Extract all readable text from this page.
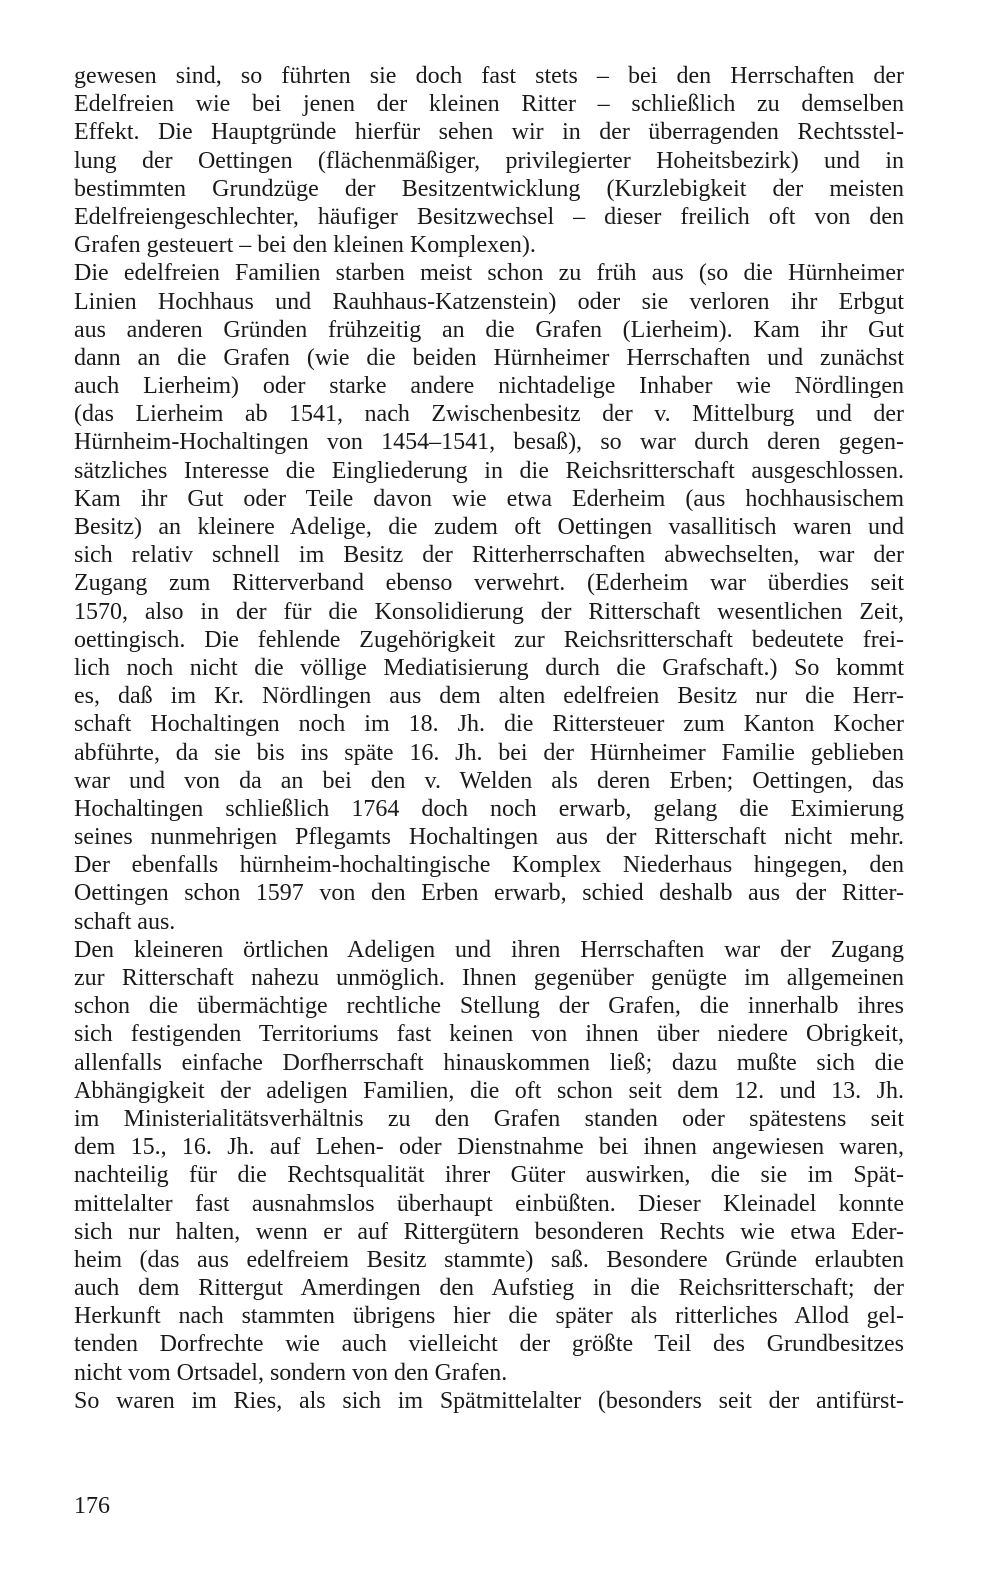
gewesen sind, so führten sie doch fast stets – bei den Herrschaften der

Edelfreien wie bei jenen der kleinen Ritter – schließlich zu demselben

Effekt. Die Hauptgründe hierfür sehen wir in der überragenden Rechtsstel-

lung der Oettingen (flächenmäßiger, privilegierter Hoheitsbezirk) und in

bestimmten Grundzüge der Besitzentwicklung (Kurzlebigkeit der meisten

Edelfreiengeschlechter, häufiger Besitzwechsel – dieser freilich oft von den

Grafen gesteuert – bei den kleinen Komplexen).

Die edelfreien Familien starben meist schon zu früh aus (so die Hürnheimer

Linien Hochhaus und Rauhhaus-Katzenstein) oder sie verloren ihr Erbgut

aus anderen Gründen frühzeitig an die Grafen (Lierheim). Kam ihr Gut

dann an die Grafen (wie die beiden Hürnheimer Herrschaften und zunächst

auch Lierheim) oder starke andere nichtadelige Inhaber wie Nördlingen

(das Lierheim ab 1541, nach Zwischenbesitz der v. Mittelburg und der

Hürnheim-Hochaltingen von 1454–1541, besaß), so war durch deren gegen-

sätzliches Interesse die Eingliederung in die Reichsritterschaft ausgeschlossen.

Kam ihr Gut oder Teile davon wie etwa Ederheim (aus hochhausischem

Besitz) an kleinere Adelige, die zudem oft Oettingen vasallitisch waren und

sich relativ schnell im Besitz der Ritterherrschaften abwechselten, war der

Zugang zum Ritterverband ebenso verwehrt. (Ederheim war überdies seit

1570, also in der für die Konsolidierung der Ritterschaft wesentlichen Zeit,

oettingisch. Die fehlende Zugehörigkeit zur Reichsritterschaft bedeutete frei-

lich noch nicht die völlige Mediatisierung durch die Grafschaft.) So kommt

es, daß im Kr. Nördlingen aus dem alten edelfreien Besitz nur die Herr-

schaft Hochaltingen noch im 18. Jh. die Rittersteuer zum Kanton Kocher

abführte, da sie bis ins späte 16. Jh. bei der Hürnheimer Familie geblieben

war und von da an bei den v. Welden als deren Erben; Oettingen, das

Hochaltingen schließlich 1764 doch noch erwarb, gelang die Eximierung

seines nunmehrigen Pflegamts Hochaltingen aus der Ritterschaft nicht mehr.

Der ebenfalls hürnheim-hochaltingische Komplex Niederhaus hingegen, den

Oettingen schon 1597 von den Erben erwarb, schied deshalb aus der Ritter-

schaft aus.

Den kleineren örtlichen Adeligen und ihren Herrschaften war der Zugang

zur Ritterschaft nahezu unmöglich. Ihnen gegenüber genügte im allgemeinen

schon die übermächtige rechtliche Stellung der Grafen, die innerhalb ihres

sich festigenden Territoriums fast keinen von ihnen über niedere Obrigkeit,

allenfalls einfache Dorfherrschaft hinauskommen ließ; dazu mußte sich die

Abhängigkeit der adeligen Familien, die oft schon seit dem 12. und 13. Jh.

im Ministerialitätsverhältnis zu den Grafen standen oder spätestens seit

dem 15., 16. Jh. auf Lehen- oder Dienstnahme bei ihnen angewiesen waren,

nachteilig für die Rechtsqualität ihrer Güter auswirken, die sie im Spät-

mittelalter fast ausnahmslos überhaupt einbüßten. Dieser Kleinadel konnte

sich nur halten, wenn er auf Rittergütern besonderen Rechts wie etwa Eder-

heim (das aus edelfreiem Besitz stammte) saß. Besondere Gründe erlaubten

auch dem Rittergut Amerdingen den Aufstieg in die Reichsritterschaft; der

Herkunft nach stammten übrigens hier die später als ritterliches Allod gel-

tenden Dorfrechte wie auch vielleicht der größte Teil des Grundbesitzes

nicht vom Ortsadel, sondern von den Grafen.

So waren im Ries, als sich im Spätmittelalter (besonders seit der antifürst-

176
